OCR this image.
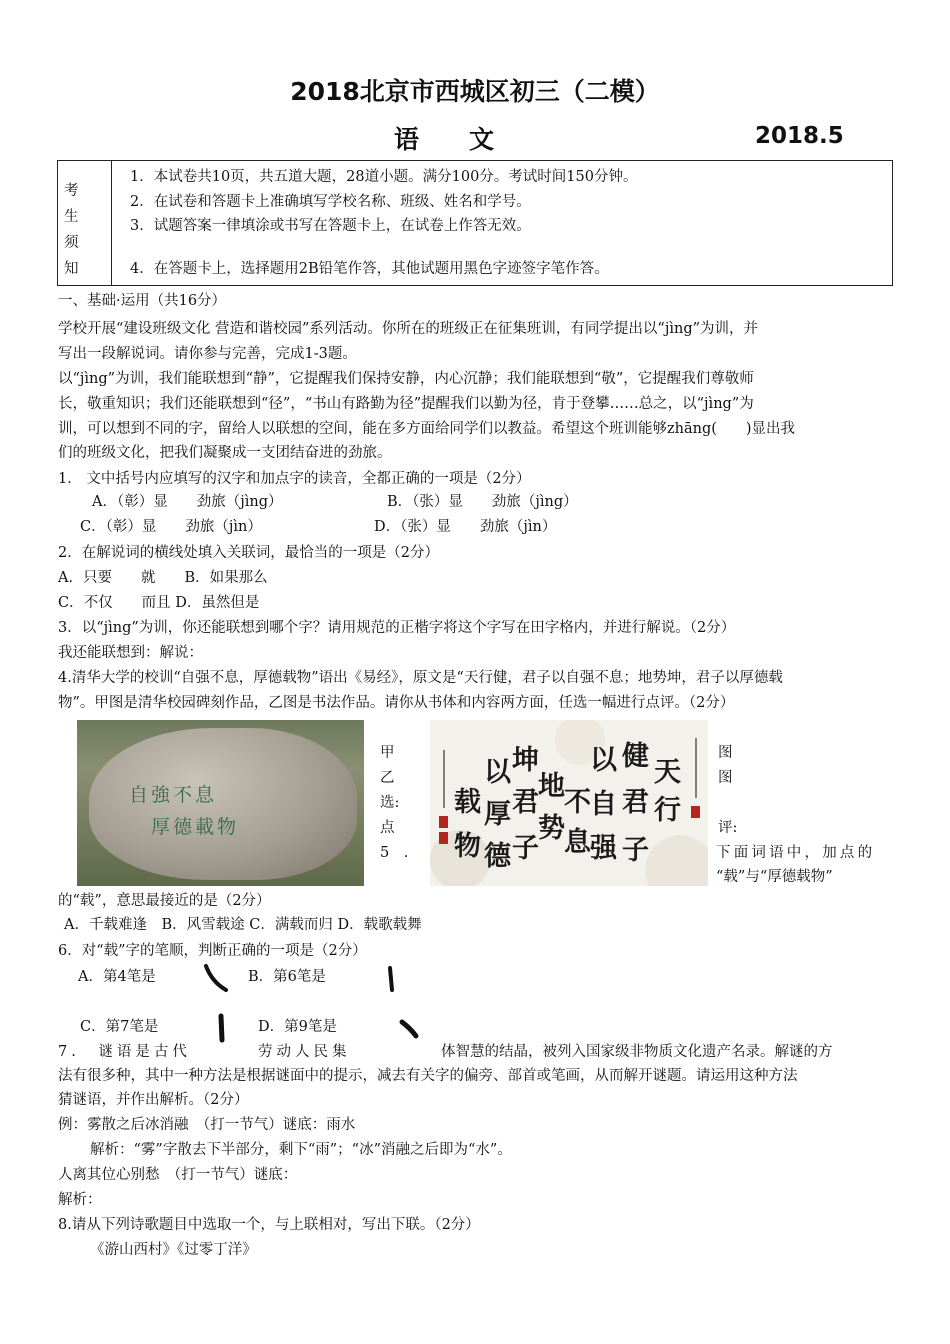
2018北京市西城区初三（二模）
语文	2018.5
考
生
须
知
1．本试卷共10页，共五道大题，28道小题。满分100分。考试时间150分钟。
2．在试卷和答题卡上准确填写学校名称、班级、姓名和学号。
3．试题答案一律填涂或书写在答题卡上，在试卷上作答无效。
4．在答题卡上，选择题用2B铅笔作答，其他试题用黑色字迹签字笔作答。
一、基础·运用（共16分）
学校开展“建设班级文化 营造和谐校园”系列活动。你所在的班级正在征集班训，有同学提出以“jìng”为训，并
写出一段解说词。请你参与完善，完成1-3题。
以“jìng”为训，我们能联想到“静”，它提醒我们保持安静，内心沉静；我们能联想到“敬”，它提醒我们尊敬师
长，敬重知识；我们还能联想到“径”，“书山有路勤为径”提醒我们以勤为径，肯于登攀……总之，以“jìng”为
训，可以想到不同的字，留给人以联想的空间，能在多方面给同学们以教益。希望这个班训能够zhāng(　　)显出我
们的班级文化，把我们凝聚成一支团结奋进的劲旅。
1． 文中括号内应填写的汉字和加点字的读音，全都正确的一项是（2分）
A．（彰）显　　劲旅（jìng）	B．（张）显　　劲旅（jìng）
C．（彰）显　　劲旅（jìn）	D．（张）显　　劲旅（jìn）
2．在解说词的横线处填入关联词，最恰当的一项是（2分）
A．只要　　就　　B．如果那么
C．不仅　　而且 D．虽然但是
3．以“jìng”为训，你还能联想到哪个字？请用规范的正楷字将这个字写在田字格内，并进行解说。（2分）
我还能联想到：解说：
4.清华大学的校训“自强不息，厚德载物”语出《易经》，原文是“天行健，君子以自强不息；地势坤，君子以厚德载
物”。甲图是清华校园碑刻作品，乙图是书法作品。请你从书体和内容两方面，任选一幅进行点评。（2分）
自強不息
厚德載物
天
行
健
君
子
以
自
强
不
息
地
势
坤
君
子
以
厚
德
载
物
甲
乙
选:
点
5　.
图
图
评:
下面词语中，加点的
“载”与“厚德载物”
的“载”，意思最接近的是（2分）
A．千载难逢　B．风雪载途 C．满载而归 D．载歌载舞
6．对“载”字的笔顺，判断正确的一项是（2分）
A．第4笔是	B．第6笔是
C．第7笔是	D．第9笔是
7.　谜语是古代	劳动人民集	体智慧的结晶，被列入国家级非物质文化遗产名录。解谜的方
法有很多种，其中一种方法是根据谜面中的提示，减去有关字的偏旁、部首或笔画，从而解开谜题。请运用这种方法
猜谜语，并作出解析。（2分）
例：雾散之后冰消融　（打一节气）谜底：雨水
解析：“雾”字散去下半部分，剩下“雨”；“冰”消融之后即为“水”。
人离其位心别愁　（打一节气）谜底：
解析：
8.请从下列诗歌题目中选取一个，与上联相对，写出下联。（2分）
《游山西村》《过零丁洋》
